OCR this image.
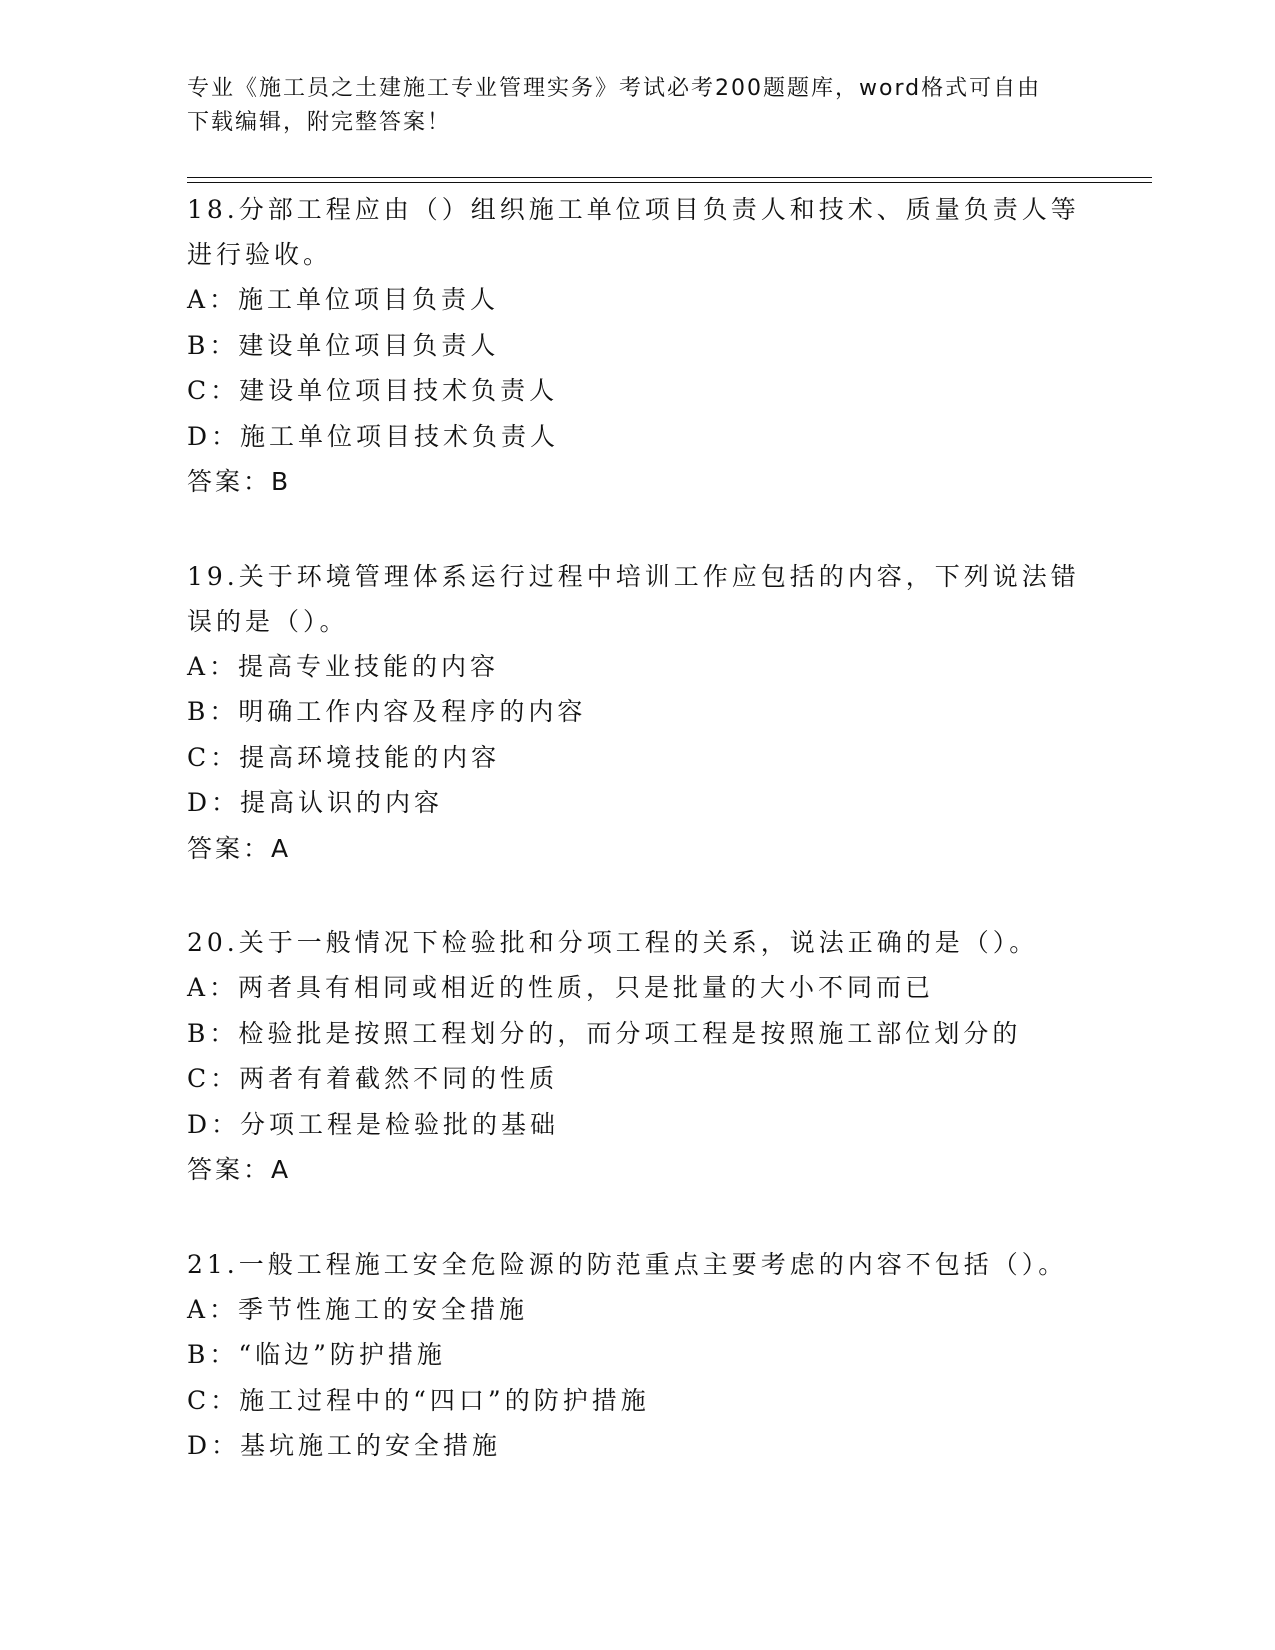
专业《施工员之土建施工专业管理实务》考试必考200题题库，word格式可自由
下载编辑，附完整答案！
18.分部工程应由（）组织施工单位项目负责人和技术、质量负责人等
进行验收。
A：施工单位项目负责人
B：建设单位项目负责人
C：建设单位项目技术负责人
D：施工单位项目技术负责人
答案：B
19.关于环境管理体系运行过程中培训工作应包括的内容，下列说法错
误的是（）。
A：提高专业技能的内容
B：明确工作内容及程序的内容
C：提高环境技能的内容
D：提高认识的内容
答案：A
20.关于一般情况下检验批和分项工程的关系，说法正确的是（）。
A：两者具有相同或相近的性质，只是批量的大小不同而已
B：检验批是按照工程划分的，而分项工程是按照施工部位划分的
C：两者有着截然不同的性质
D：分项工程是检验批的基础
答案：A
21.一般工程施工安全危险源的防范重点主要考虑的内容不包括（）。
A：季节性施工的安全措施
B：“临边”防护措施
C：施工过程中的“四口”的防护措施
D：基坑施工的安全措施
